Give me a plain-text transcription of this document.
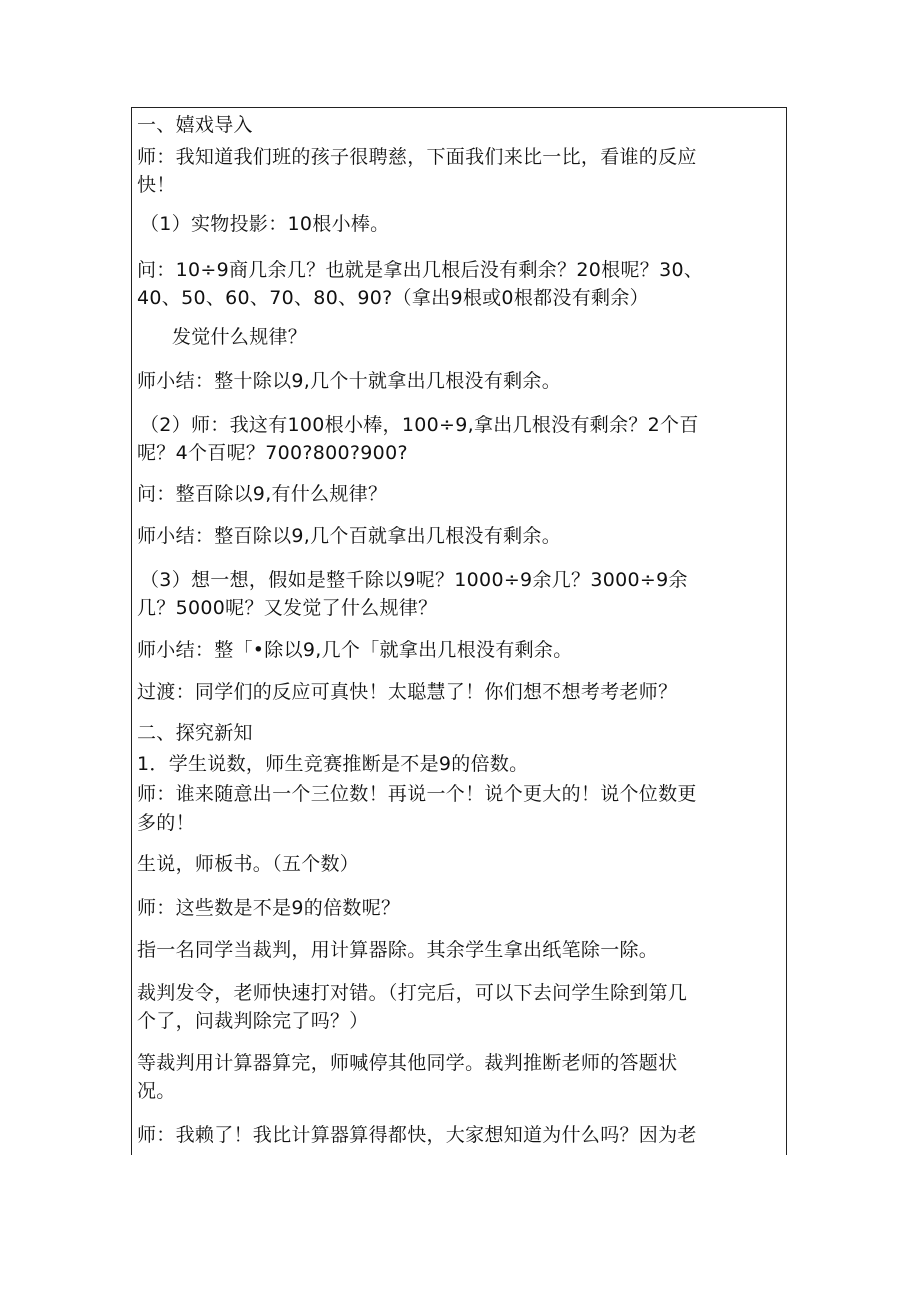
一、嬉戏导入
师：我知道我们班的孩子很聘慈，下面我们来比一比，看谁的反应
快！
（1）实物投影：10根小棒。
问：10÷9商几余几？也就是拿出几根后没有剩余？20根呢？30、
40、50、60、70、80、90?（拿出9根或0根都没有剩余）
发觉什么规律？
师小结：整十除以9,几个十就拿出几根没有剩余。
（2）师：我这有100根小棒，100÷9,拿出几根没有剩余？2个百
呢？4个百呢？700?800?900?
问：整百除以9,有什么规律？
师小结：整百除以9,几个百就拿出几根没有剩余。
（3）想一想，假如是整千除以9呢？1000÷9余几？3000÷9余
几？5000呢？又发觉了什么规律？
师小结：整「•除以9,几个「就拿出几根没有剩余。
过渡：同学们的反应可真快！太聪慧了！你们想不想考考老师？
二、探究新知
1．学生说数，师生竞赛推断是不是9的倍数。
师：谁来随意出一个三位数！再说一个！说个更大的！说个位数更
多的！
生说，师板书。（五个数）
师：这些数是不是9的倍数呢？
指一名同学当裁判，用计算器除。其余学生拿出纸笔除一除。
裁判发令，老师快速打对错。（打完后，可以下去问学生除到第几
个了，问裁判除完了吗？）
等裁判用计算器算完，师喊停其他同学。裁判推断老师的答题状
况。
师：我赖了！我比计算器算得都快，大家想知道为什么吗？因为老
